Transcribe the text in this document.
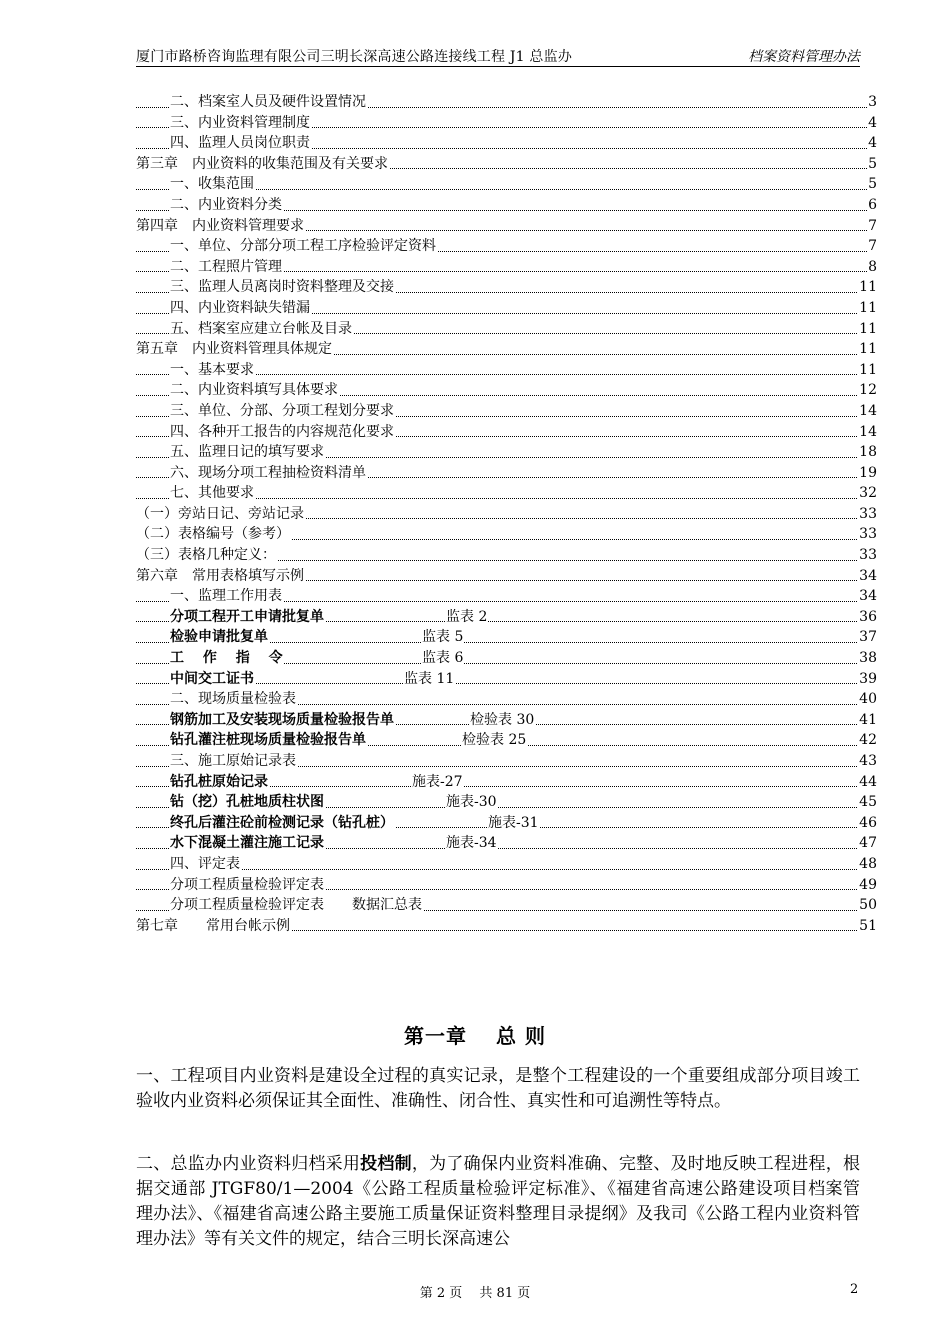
厦门市路桥咨询监理有限公司三明长深高速公路连接线工程 J1 总监办	档案资料管理办法
二、档案室人员及硬件设置情况	3
三、内业资料管理制度	4
四、监理人员岗位职责	4
第三章　内业资料的收集范围及有关要求	5
一、收集范围	5
二、内业资料分类	6
第四章　内业资料管理要求	7
一、单位、分部分项工程工序检验评定资料	7
二、工程照片管理	8
三、监理人员离岗时资料整理及交接	11
四、内业资料缺失错漏	11
五、档案室应建立台帐及目录	11
第五章　内业资料管理具体规定	11
一、基本要求	11
二、内业资料填写具体要求	12
三、单位、分部、分项工程划分要求	14
四、各种开工报告的内容规范化要求	14
五、监理日记的填写要求	18
六、现场分项工程抽检资料清单	19
七、其他要求	32
（一）旁站日记、旁站记录	33
（二）表格编号（参考）	33
（三）表格几种定义：	33
第六章　常用表格填写示例	34
一、监理工作用表	34
分项工程开工申请批复单	监表 2	36
检验申请批复单	监表 5	37
工　 作　 指　 令	监表 6	38
中间交工证书	监表 11	39
二、现场质量检验表	40
钢筋加工及安装现场质量检验报告单	检验表 30	41
钻孔灌注桩现场质量检验报告单	检验表 25	42
三、施工原始记录表	43
钻孔桩原始记录	施表-27	44
钻（挖）孔桩地质柱状图	施表-30	45
终孔后灌注砼前检测记录（钻孔桩）	施表-31	46
水下混凝土灌注施工记录	施表-34	47
四、评定表	48
分项工程质量检验评定表	49
分项工程质量检验评定表　　数据汇总表	50
第七章　　常用台帐示例	51
第一章　 总 则
一、工程项目内业资料是建设全过程的真实记录，是整个工程建设的一个重要组成部分项目竣工验收内业资料必须保证其全面性、准确性、闭合性、真实性和可追溯性等特点。
二、总监办内业资料归档采用投档制，为了确保内业资料准确、完整、及时地反映工程进程，根据交通部 JTGF80/1—2004《公路工程质量检验评定标准》、《福建省高速公路建设项目档案管理办法》、《福建省高速公路主要施工质量保证资料整理目录提纲》及我司《公路工程内业资料管理办法》等有关文件的规定，结合三明长深高速公
第 2 页　 共 81 页	2
